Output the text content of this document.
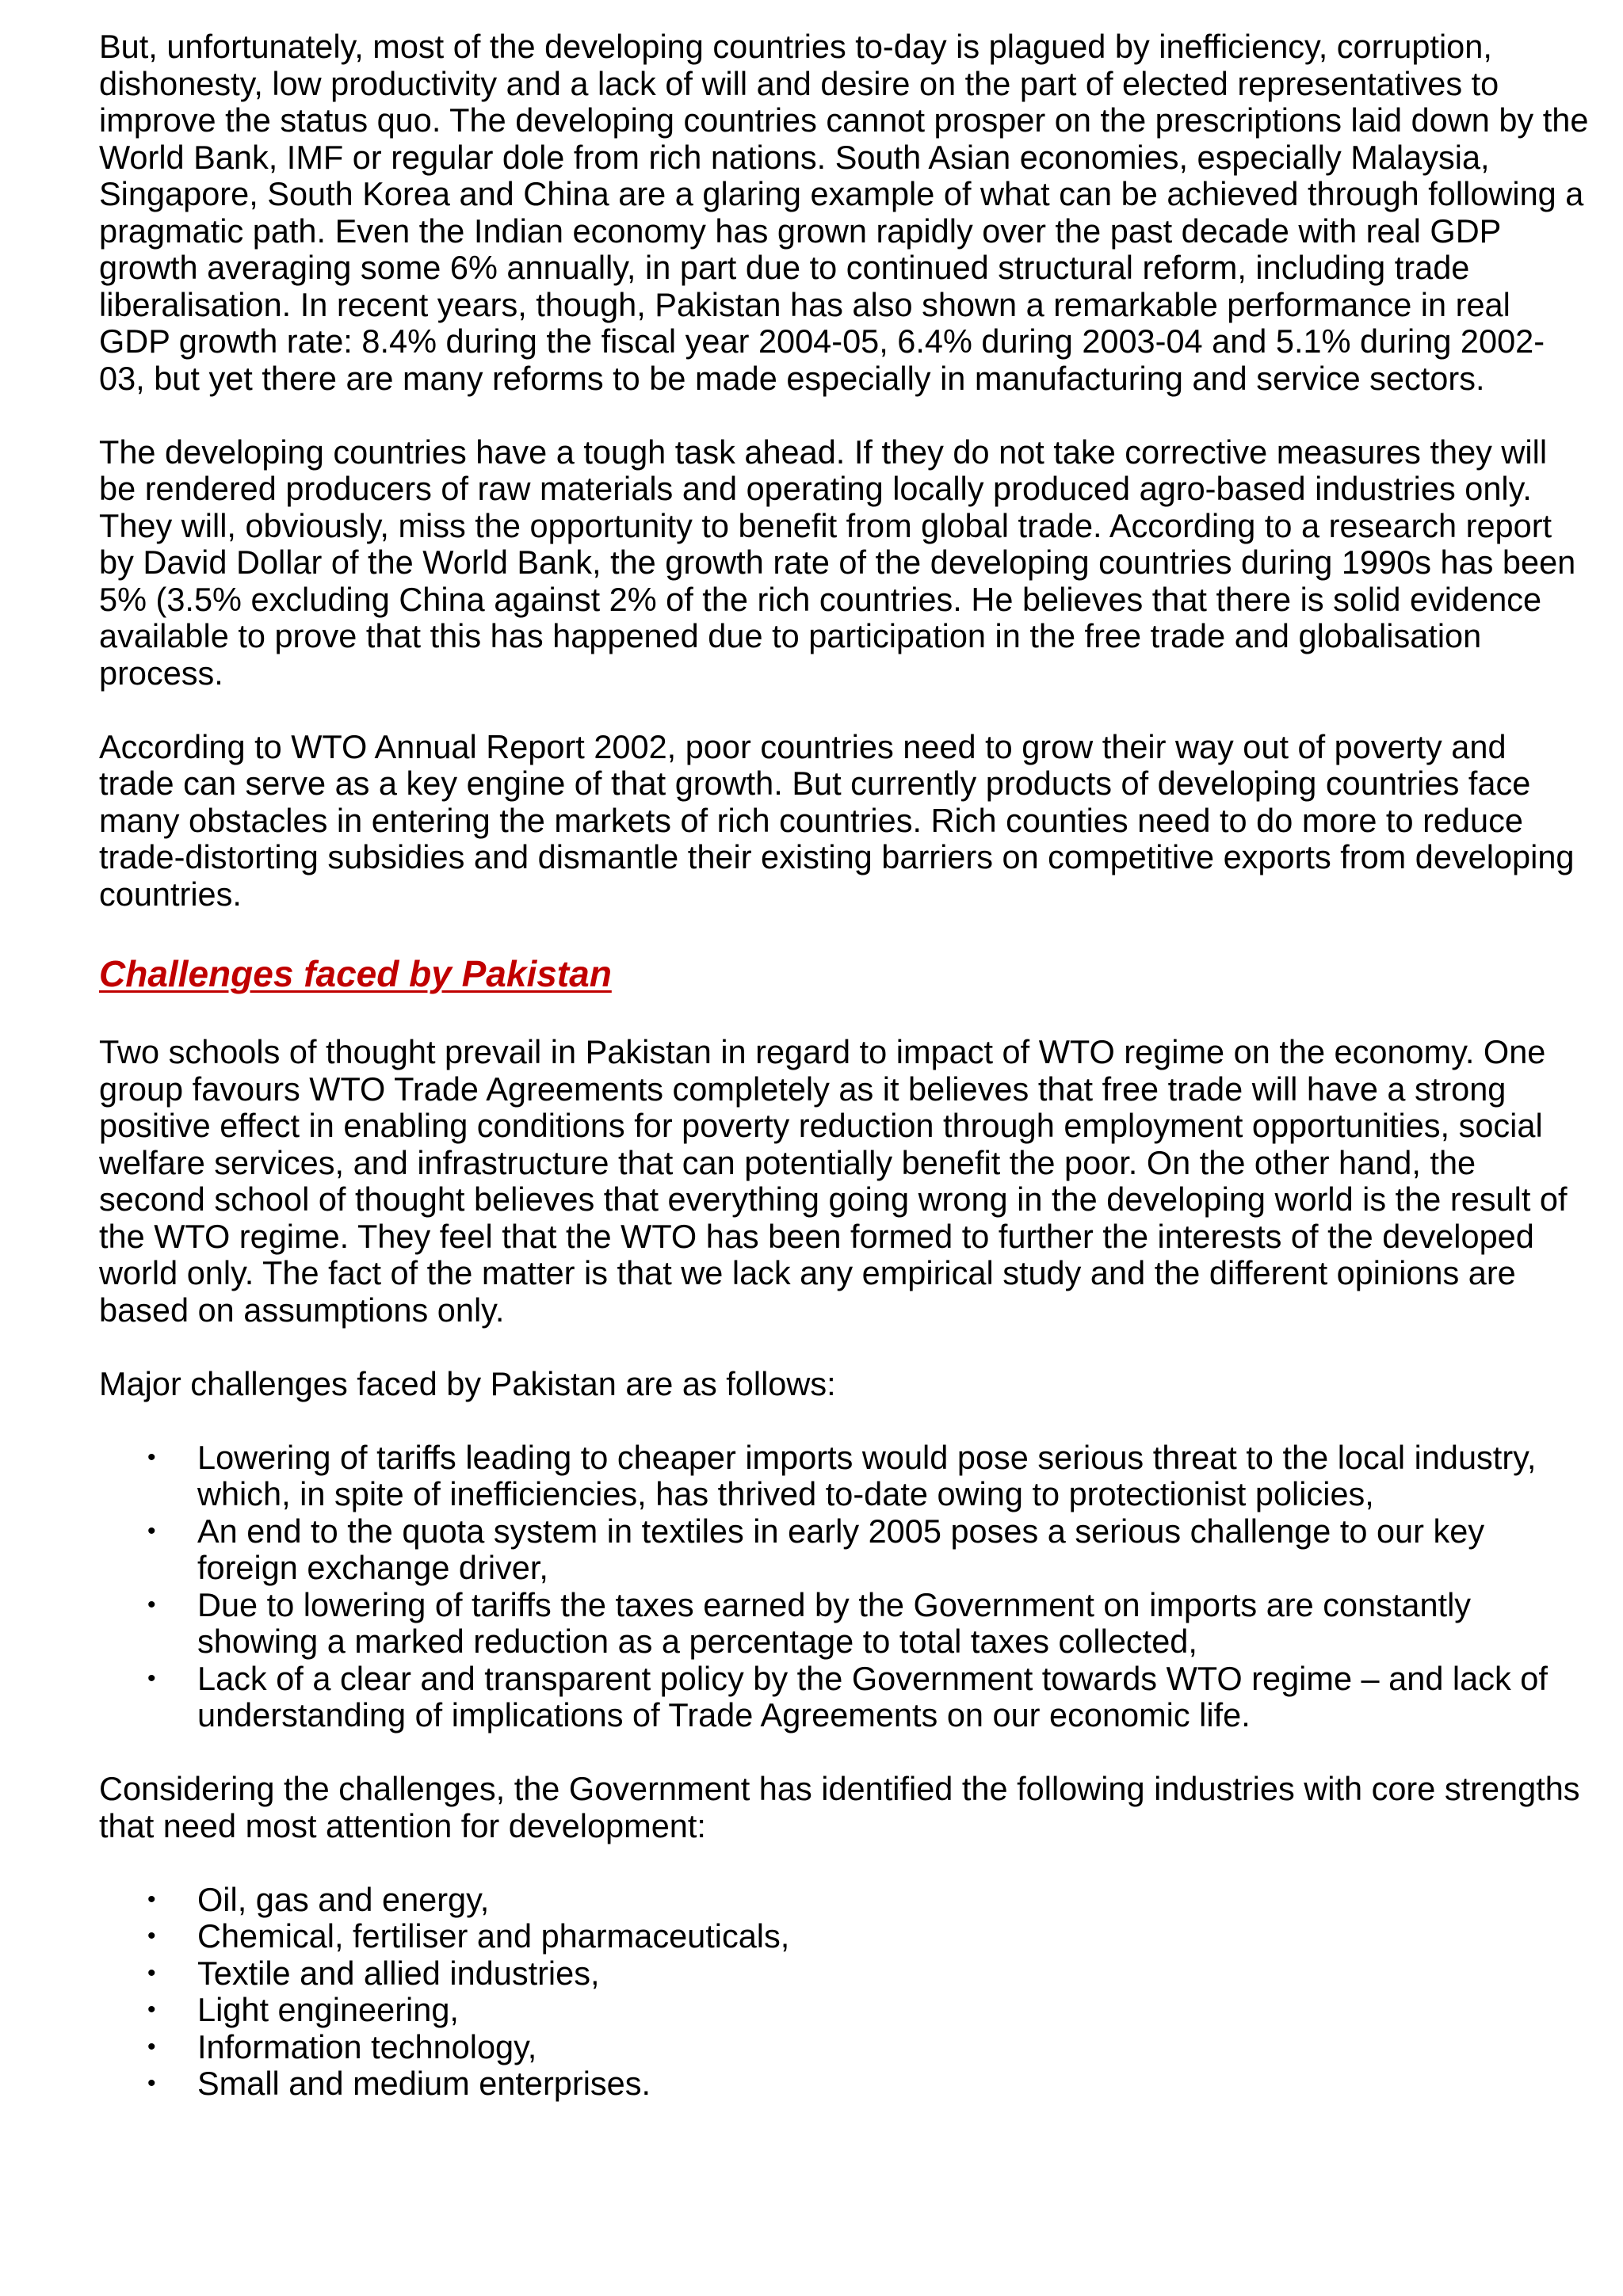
But, unfortunately, most of the developing countries to-day is plagued by inefficiency, corruption, dishonesty, low productivity and a lack of will and desire on the part of elected representatives to improve the status quo. The developing countries cannot prosper on the prescriptions laid down by the World Bank, IMF or regular dole from rich nations. South Asian economies, especially Malaysia, Singapore, South Korea and China are a glaring example of what can be achieved through following a pragmatic path. Even the Indian economy has grown rapidly over the past decade with real GDP growth averaging some 6% annually, in part due to continued structural reform, including trade liberalisation. In recent years, though, Pakistan has also shown a remarkable performance in real GDP growth rate: 8.4% during the fiscal year 2004-05, 6.4% during 2003-04 and 5.1% during 2002-03, but yet there are many reforms to be made especially in manufacturing and service sectors.

The developing countries have a tough task ahead. If they do not take corrective measures they will be rendered producers of raw materials and operating locally produced agro-based industries only. They will, obviously, miss the opportunity to benefit from global trade. According to a research report by David Dollar of the World Bank, the growth rate of the developing countries during 1990s has been 5% (3.5% excluding China against 2% of the rich countries. He believes that there is solid evidence available to prove that this has happened due to participation in the free trade and globalisation process.

According to WTO Annual Report 2002, poor countries need to grow their way out of poverty and trade can serve as a key engine of that growth. But currently products of developing countries face many obstacles in entering the markets of rich countries. Rich counties need to do more to reduce trade-distorting subsidies and dismantle their existing barriers on competitive exports from developing countries.

Challenges faced by Pakistan

Two schools of thought prevail in Pakistan in regard to impact of WTO regime on the economy. One group favours WTO Trade Agreements completely as it believes that free trade will have a strong positive effect in enabling conditions for poverty reduction through employment opportunities, social welfare services, and infrastructure that can potentially benefit the poor. On the other hand, the second school of thought believes that everything going wrong in the developing world is the result of the WTO regime. They feel that the WTO has been formed to further the interests of the developed world only. The fact of the matter is that we lack any empirical study and the different opinions are based on assumptions only.

Major challenges faced by Pakistan are as follows:

• Lowering of tariffs leading to cheaper imports would pose serious threat to the local industry, which, in spite of inefficiencies, has thrived to-date owing to protectionist policies,
• An end to the quota system in textiles in early 2005 poses a serious challenge to our key foreign exchange driver,
• Due to lowering of tariffs the taxes earned by the Government on imports are constantly showing a marked reduction as a percentage to total taxes collected,
• Lack of a clear and transparent policy by the Government towards WTO regime – and lack of understanding of implications of Trade Agreements on our economic life.

Considering the challenges, the Government has identified the following industries with core strengths that need most attention for development:

• Oil, gas and energy,
• Chemical, fertiliser and pharmaceuticals,
• Textile and allied industries,
• Light engineering,
• Information technology,
• Small and medium enterprises.
